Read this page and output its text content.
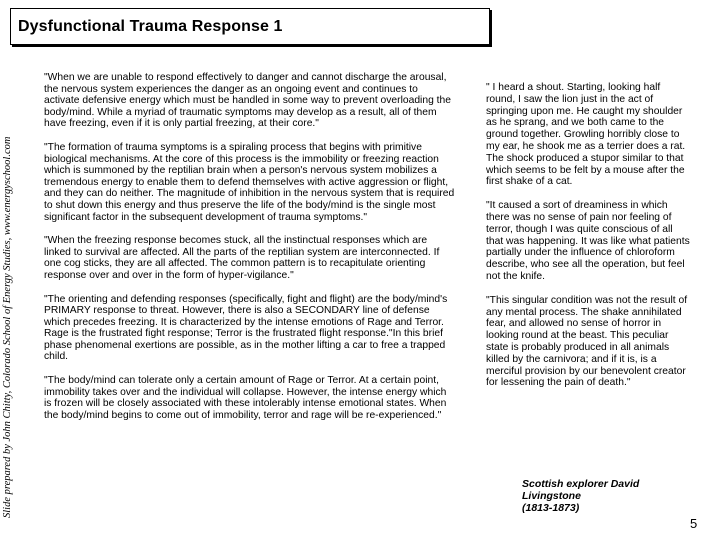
Dysfunctional Trauma Response 1
Slide prepared by John Chitty, Colorado School of Energy Studies, www.energyschool.com

"When we are unable to respond effectively to danger and cannot discharge the arousal, the nervous system experiences the danger as an ongoing event and continues to activate defensive energy which must be handled in some way to prevent overloading the body/mind. While a myriad of traumatic symptoms may develop as a result, all of them have freezing, even if it is only partial freezing, at their core."

"The formation of trauma symptoms is a spiraling process that begins with primitive biological mechanisms. At the core of this process is the immobility or freezing reaction which is summoned by the reptilian brain when a person's nervous system mobilizes a tremendous energy to enable them to defend themselves with active aggression or flight, and they can do neither. The magnitude of inhibition in the nervous system that is required to shut down this energy and thus preserve the life of the body/mind is the single most significant factor in the subsequent development of trauma symptoms."

"When the freezing response becomes stuck, all the instinctual responses which are linked to survival are affected. All the parts of the reptilian system are interconnected. If one cog sticks, they are all affected. The common pattern is to recapitulate orienting response over and over in the form of hyper-vigilance."

"The orienting and defending responses (specifically, fight and flight) are the body/mind's PRIMARY response to threat. However, there is also a SECONDARY line of defense which precedes freezing. It is characterized by the intense emotions of Rage and Terror. Rage is the frustrated fight response; Terror is the frustrated flight response."In this brief phase phenomenal exertions are possible, as in the mother lifting a car to free a trapped child.

"The body/mind can tolerate only a certain amount of Rage or Terror. At a certain point, immobility takes over and the individual will collapse. However, the intense energy which is frozen will be closely associated with these intolerably intense emotional states. When the body/mind begins to come out of immobility, terror and rage will be re-experienced."

" I heard a shout. Starting, looking half round, I saw the lion just in the act of springing upon me. He caught my shoulder as he sprang, and we both came to the ground together. Growling horribly close to my ear, he shook me as a terrier does a rat. The shock produced a stupor similar to that which seems to be felt by a mouse after the first shake of a cat.

"It caused a sort of dreaminess in which there was no sense of pain nor feeling of terror, though I was quite conscious of all that was happening. It was like what patients partially under the influence of chloroform describe, who see all the operation, but feel not the knife.

"This singular condition was not the result of any mental process. The shake annihilated fear, and allowed no sense of horror in looking round at the beast. This peculiar state is probably produced in all animals killed by the carnivora; and if it is, is a merciful provision by our benevolent creator for lessening the pain of death."

Scottish explorer David
Livingstone
(1813-1873)
5
